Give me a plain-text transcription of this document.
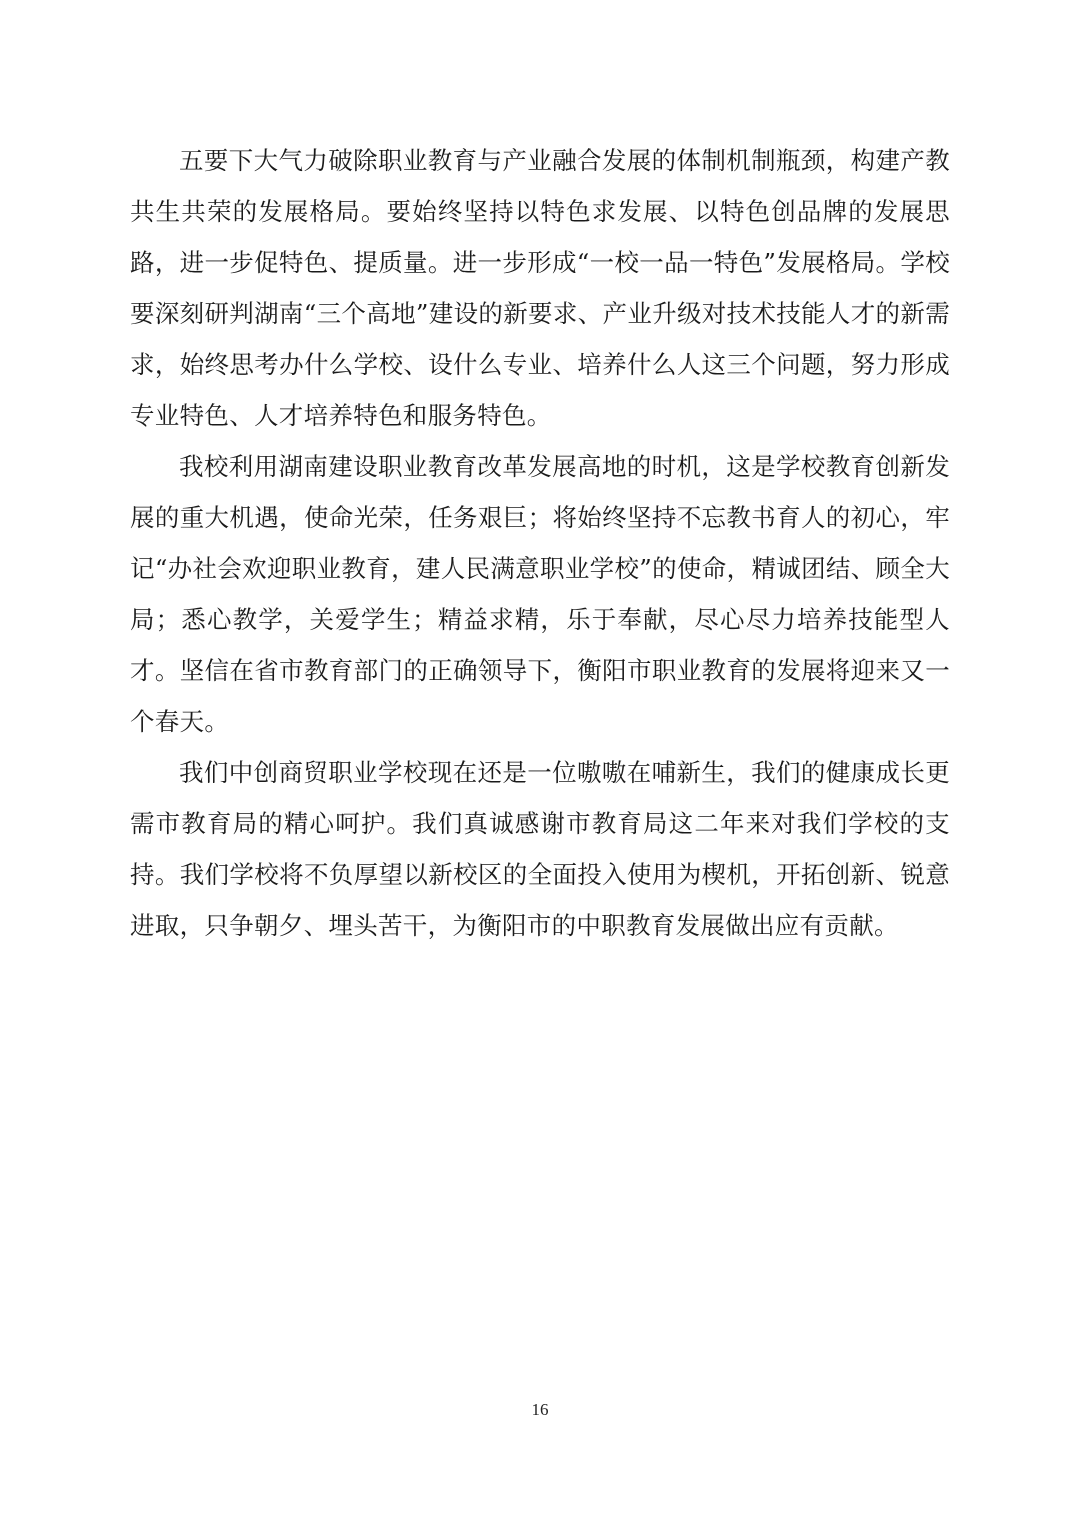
五要下大气力破除职业教育与产业融合发展的体制机制瓶颈，构建产教共生共荣的发展格局。要始终坚持以特色求发展、以特色创品牌的发展思路，进一步促特色、提质量。进一步形成“一校一品一特色”发展格局。学校要深刻研判湖南“三个高地”建设的新要求、产业升级对技术技能人才的新需求，始终思考办什么学校、设什么专业、培养什么人这三个问题，努力形成专业特色、人才培养特色和服务特色。

我校利用湖南建设职业教育改革发展高地的时机，这是学校教育创新发展的重大机遇，使命光荣，任务艰巨；将始终坚持不忘教书育人的初心，牢记“办社会欢迎职业教育，建人民满意职业学校”的使命，精诚团结、顾全大局；悉心教学，关爱学生；精益求精，乐于奉献，尽心尽力培养技能型人才。坚信在省市教育部门的正确领导下，衡阳市职业教育的发展将迎来又一个春天。

我们中创商贸职业学校现在还是一位嗷嗷在哺新生，我们的健康成长更需市教育局的精心呵护。我们真诚感谢市教育局这二年来对我们学校的支持。我们学校将不负厚望以新校区的全面投入使用为楔机，开拓创新、锐意进取，只争朝夕、埋头苦干，为衡阳市的中职教育发展做出应有贡献。

16
